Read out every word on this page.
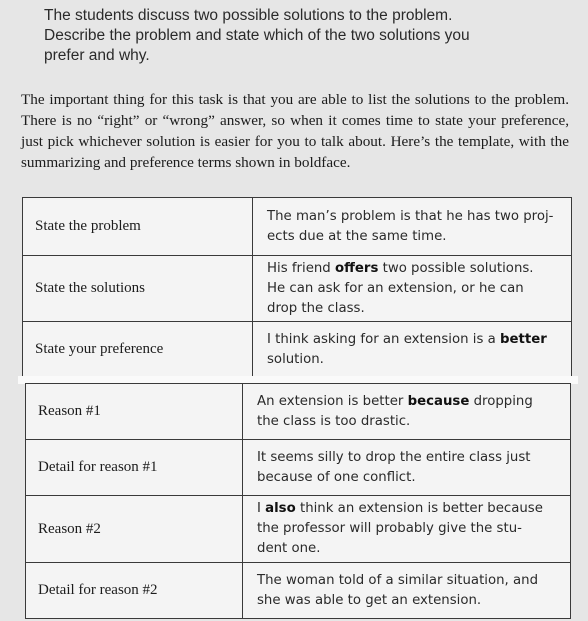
The students discuss two possible solutions to the problem.
Describe the problem and state which of the two solutions you
prefer and why.
The important thing for this task is that you are able to list the solutions to the problem. There is no “right” or “wrong” answer, so when it comes time to state your preference, just pick whichever solution is easier for you to talk about. Here’s the template, with the summarizing and preference terms shown in boldface.
State the problem	The man’s problem is that he has two proj-
ects due at the same time.
State the solutions	His friend offers two possible solutions.
He can ask for an extension, or he can
drop the class.
State your preference	I think asking for an extension is a better
solution.
Reason #1	An extension is better because dropping
the class is too drastic.
Detail for reason #1	It seems silly to drop the entire class just
because of one conflict.
Reason #2	I also think an extension is better because
the professor will probably give the stu-
dent one.
Detail for reason #2	The woman told of a similar situation, and
she was able to get an extension.
